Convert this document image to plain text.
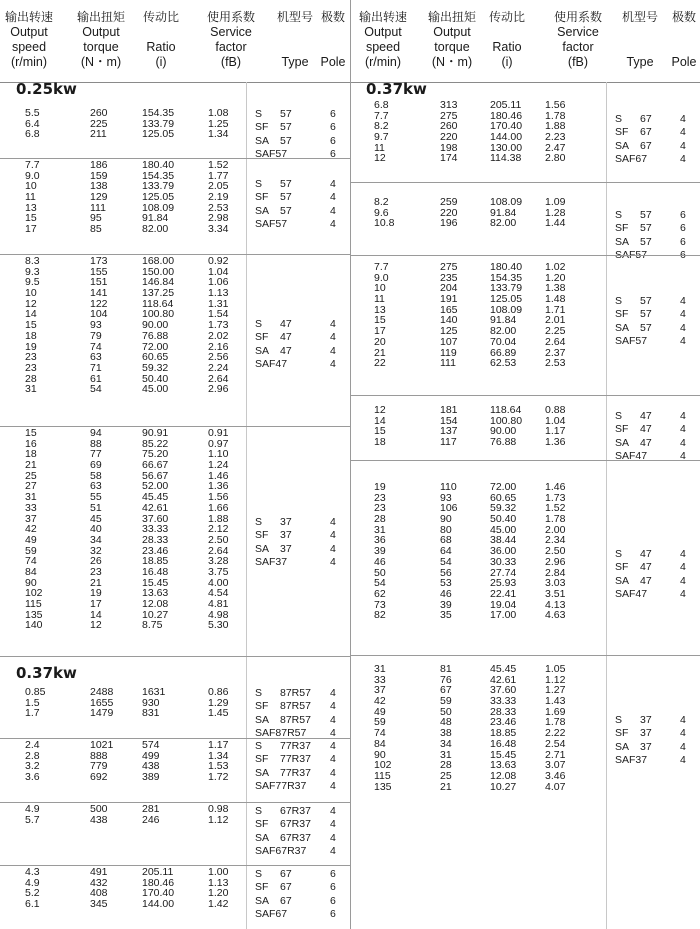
输出转速
Output
speed
(r/min)
输出扭矩
Output
torque
(N・m)
传动比

Ratio
(i)
使用系数
Service
factor
(fB)
机型号

Type
极数

Pole
0.25kw
5.5	260	154.35	1.08
6.4	225	133.79	1.25
6.8	211	125.05	1.34
S 57	6
SF 57	6
SA 57	6
SAF57	6
7.7	186	180.40	1.52
9.0	159	154.35	1.77
10	138	133.79	2.05
11	129	125.05	2.19
13	111	108.09	2.53
15	95	91.84	2.98
17	85	82.00	3.34
S 57	4
SF 57	4
SA 57	4
SAF57	4
8.3	173	168.00	0.92
9.3	155	150.00	1.04
9.5	151	146.84	1.06
10	141	137.25	1.13
12	122	118.64	1.31
14	104	100.80	1.54
15	93	90.00	1.73
18	79	76.88	2.02
19	74	72.00	2.16
23	63	60.65	2.56
23	71	59.32	2.24
28	61	50.40	2.64
31	54	45.00	2.96
S 47	4
SF 47	4
SA 47	4
SAF47	4
15	94	90.91	0.91
16	88	85.22	0.97
18	77	75.20	1.10
21	69	66.67	1.24
25	58	56.67	1.46
27	63	52.00	1.36
31	55	45.45	1.56
33	51	42.61	1.66
37	45	37.60	1.88
42	40	33.33	2.12
49	34	28.33	2.50
59	32	23.46	2.64
74	26	18.85	3.28
84	23	16.48	3.75
90	21	15.45	4.00
102	19	13.63	4.54
115	17	12.08	4.81
135	14	10.27	4.98
140	12	8.75	5.30
S 37	4
SF 37	4
SA 37	4
SAF37	4
0.37kw
0.85	2488	1631	0.86
1.5	1655	930	1.29
1.7	1479	831	1.45
S 87R57 4
SF 87R57 4
SA 87R57 4
SAF87R57 4
2.4	1021	574	1.17
2.8	888	499	1.34
3.2	779	438	1.53
3.6	692	389	1.72
S 77R37 4
SF 77R37 4
SA 77R37 4
SAF77R37 4
4.9	500	281	0.98
5.7	438	246	1.12
S 67R37 4
SF 67R37 4
SA 67R37 4
SAF67R37 4
4.3	491	205.11	1.00
4.9	432	180.46	1.13
5.2	408	170.40	1.20
6.1	345	144.00	1.42
S 67	6
SF 67	6
SA 67	6
SAF67	6
输出转速
Output
speed
(r/min)
输出扭矩
Output
torque
(N・m)
传动比

Ratio
(i)
使用系数
Service
factor
(fB)
机型号

Type
极数

Pole
0.37kw
6.8	313	205.11 1.56
7.7	275	180.46 1.78
8.2	260	170.40 1.88
9.7	220	144.00 2.23
11	198	130.00 2.47
12	174	114.38 2.80
S 67	4
SF 67	4
SA 67	4
SAF67	4
8.2	259	108.09 1.09
9.6	220	91.84	1.28
10.8	196	82.00	1.44
S 57	6
SF 57	6
SA 57	6
SAF57	6
7.7	275	180.40 1.02
9.0	235	154.35 1.20
10	204	133.79 1.38
11	191	125.05 1.48
13	165	108.09 1.71
15	140	91.84	2.01
17	125	82.00	2.25
20	107	70.04	2.64
21	119	66.89	2.37
22	111	62.53	2.53
S 57	4
SF 57	4
SA 57	4
SAF57	4
12	181	118.64 0.88
14	154	100.80 1.04
15	137	90.00	1.17
18	117	76.88	1.36
S 47	4
SF 47	4
SA 47	4
SAF47	4
19	110	72.00	1.46
23	93	60.65	1.73
23	106	59.32	1.52
28	90	50.40	1.78
31	80	45.00	2.00
36	68	38.44	2.34
39	64	36.00	2.50
46	54	30.33	2.96
50	56	27.74	2.84
54	53	25.93	3.03
62	46	22.41	3.51
73	39	19.04	4.13
82	35	17.00	4.63
S 47	4
SF 47	4
SA 47	4
SAF47	4
31	81	45.45	1.05
33	76	42.61	1.12
37	67	37.60	1.27
42	59	33.33	1.43
49	50	28.33	1.69
59	48	23.46	1.78
74	38	18.85	2.22
84	34	16.48	2.54
90	31	15.45	2.71
102	28	13.63	3.07
115	25	12.08	3.46
135	21	10.27	4.07
S 37	4
SF 37	4
SA 37	4
SAF37	4
